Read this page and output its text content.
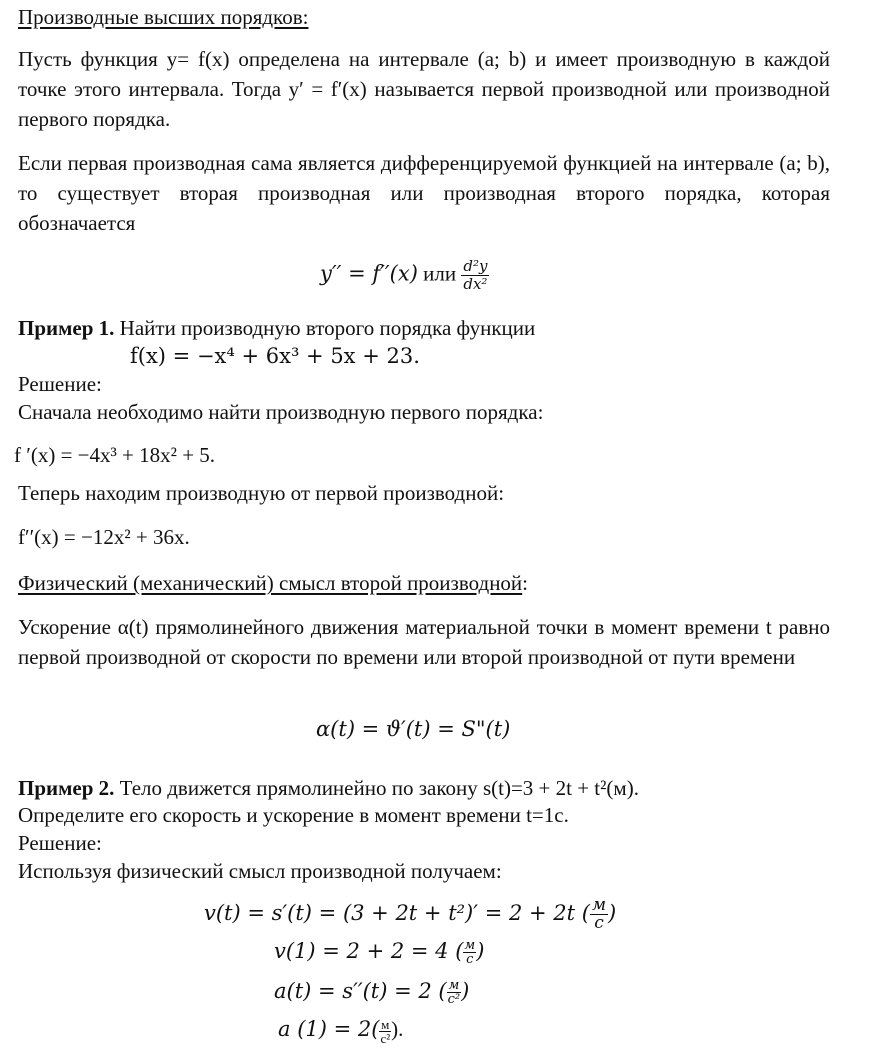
Производные высших порядков:
Пусть функция y= f(x) определена на интервале (a; b) и имеет производную в каждой точке этого интервала. Тогда y′ = f′(x) называется первой производной или производной первого порядка.
Если первая производная сама является дифференцируемой функцией на интервале (a; b), то существует вторая производная или производная второго порядка, которая обозначается
y′′ = f′′(x) или $\frac{\text{d²y}}{\text{dx²}}$
Пример 1. Найти производную второго порядка функции
f(x) = −x⁴ + 6x³ + 5x + 23.
Решение:
Сначала необходимо найти производную первого порядка:
f ′(x) = −4x³ + 18x² + 5.
Теперь находим производную от первой производной:
f′′(x) = −12x² + 36x.
Физический (механический) смысл второй производной:
Ускорение α(t) прямолинейного движения материальной точки в момент времени t равно первой производной от скорости по времени или второй производной от пути времени
α(t) = ϑ′(t) = S"(t)
Пример 2. Тело движется прямолинейно по закону s(t)=3 + 2t + t²(м).
Определите его скорость и ускорение в момент времени t=1с.
Решение:
Используя физический смысл производной получаем:
v(t) = s′(t) = (3 + 2t + t²)′ = 2 + 2t ( $\frac{м}{с}$ )
v(1) = 2 + 2 = 4 ( $\frac{м}{с}$ )
a(t) = s′′(t) = 2 ( $\frac{м}{\text{с²}}$ )
a $(1) = 2( \frac{м}{\text{с²}}$ ).
